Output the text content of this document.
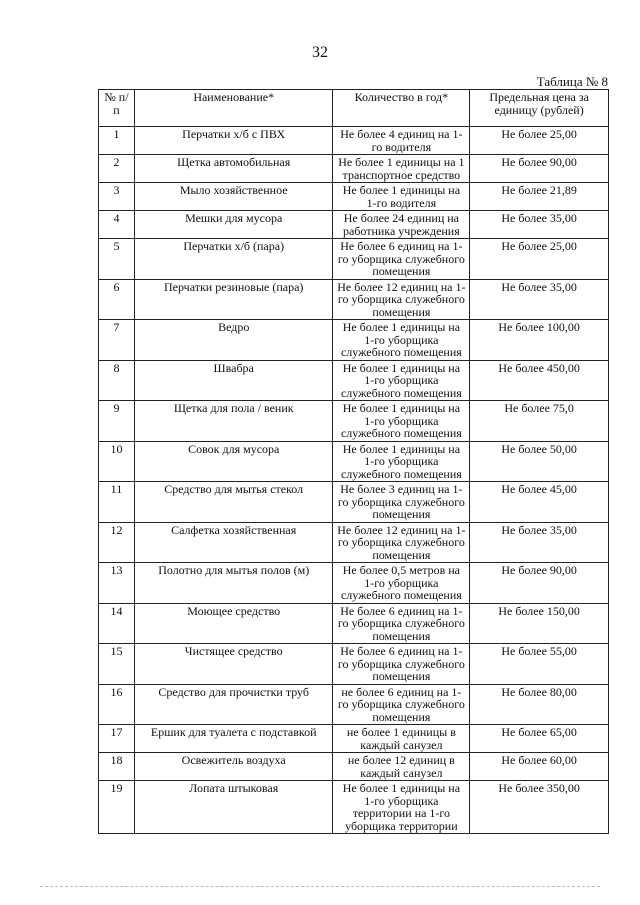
32
Таблица № 8
№ п/п	Наименование*	Количество в год*	Предельная цена за единицу (рублей)
1	Перчатки х/б с ПВХ	Не более 4 единиц на 1-го водителя	Не более 25,00
2	Щетка автомобильная	Не более 1 единицы на 1 транспортное средство	Не более 90,00
3	Мыло хозяйственное	Не более 1 единицы на 1-го водителя	Не более 21,89
4	Мешки для мусора	Не более 24 единиц на работника учреждения	Не более 35,00
5	Перчатки х/б (пара)	Не более 6 единиц на 1-го уборщика служебного помещения	Не более 25,00
6	Перчатки резиновые (пара)	Не более 12 единиц на 1-го уборщика служебного помещения	Не более 35,00
7	Ведро	Не более 1 единицы на 1-го уборщика служебного помещения	Не более 100,00
8	Швабра	Не более 1 единицы на 1-го уборщика служебного помещения	Не более 450,00
9	Щетка для пола / веник	Не более 1 единицы на 1-го уборщика служебного помещения	Не более 75,0
10	Совок для мусора	Не более 1 единицы на 1-го уборщика служебного помещения	Не более 50,00
11	Средство для мытья стекол	Не более 3 единиц на 1-го уборщика служебного помещения	Не более 45,00
12	Салфетка хозяйственная	Не более 12 единиц на 1-го уборщика служебного помещения	Не более 35,00
13	Полотно для мытья полов (м)	Не более 0,5 метров на 1-го уборщика служебного помещения	Не более 90,00
14	Моющее средство	Не более 6 единиц на 1-го уборщика служебного помещения	Не более 150,00
15	Чистящее средство	Не более 6 единиц на 1-го уборщика служебного помещения	Не более 55,00
16	Средство для прочистки труб	не более 6 единиц на 1-го уборщика служебного помещения	Не более 80,00
17	Ершик для туалета с подставкой	не более 1 единицы в каждый санузел	Не более 65,00
18	Освежитель воздуха	не более 12 единиц в каждый санузел	Не более 60,00
19	Лопата штыковая	Не более 1 единицы на 1-го уборщика территории на 1-го уборщика территории	Не более 350,00
